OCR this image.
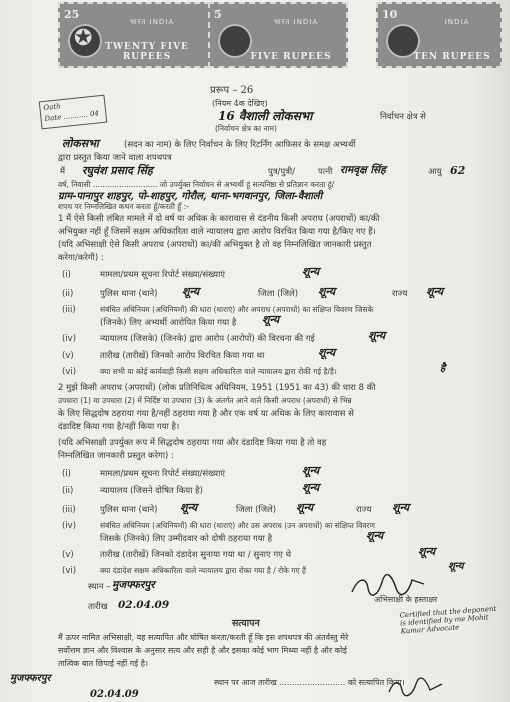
✪
25
भारत INDIA
TWENTY FIVE RUPEES
5
भारत INDIA
FIVE RUPEES
10
INDIA
TEN RUPEES
Oath
Date ........... 04
प्ररूप – 26
(नियम 4क देखिए)
16 वैशाली लोकसभा	निर्वाचन क्षेत्र से
(निर्वाचन क्षेत्र का नाम)
लोकसभा	(सदन का नाम) के लिए निर्वाचन के लिए रिटर्निंग आफिसर के समक्ष अभ्यर्थी
द्वारा प्रस्तुत किया जाने वाला शपथपत्र
मैं रघुवंश प्रसाद सिंह	पुत्र/पुत्री/	पत्नी रामवृक्ष सिंह	आयु 62
वर्ष, निवासी ........................... जो उपर्युक्त निर्वाचन से अभ्यर्थी हूं सत्यनिष्ठा से प्रतिज्ञान करता हूं/
ग्राम-पानापुर शाहपुर, पो-शाहपुर, गोरौल, थाना-भगवानपुर, जिला-वैशाली
शपथ पर निम्नलिखित कथन करता हूँ/करती हूँ :-
1 मैं ऐसे किसी लंबित मामले में दो वर्ष या अधिक के कारावास से दंडनीय किसी अपराध (अपराधों) का/की
अभियुक्त नहीं हूँ जिसमें सक्षम अधिकारिता वाले न्यायालय द्वारा आरोप विरचित किया गया है/किए गए हैं।
(यदि अभिसाक्षी ऐसे किसी अपराध (अपराधों) का/की अभियुक्त है तो वह निम्नलिखित जानकारी प्रस्तुत
करेगा/करेगी) :
(i)	मामला/प्रथम सूचना रिपोर्ट संख्या/संख्याएं	शून्य
(ii)	पुलिस थाना (थाने) शून्य	जिला (जिले) शून्य	राज्य शून्य
(iii)	संबंधित अधिनियम (अधिनियमों) की धारा (धाराएं) और अपराध (अपराधों) का संक्षिप्त विवरण जिसके
(जिनके) लिए अभ्यर्थी आरोपित किया गया है शून्य
(iv)	न्यायालय (जिसके) (जिनके) द्वारा आरोप (आरोपों) की विरचना की गई	शून्य
(v)	तारीख (तारीखें) जिनको आरोप विरचित किया गया था	शून्य
(vi)	क्या सभी या कोई कार्यवाही किसी सक्षम अधिकारिता वाले न्यायालय द्वारा रोकी गई है/है।	है
2 मुझे किसी अपराध (अपराधों) (लोक प्रतिनिधित्व अधिनियम, 1951 (1951 का 43) की धारा 8 की
उपधारा (1) या उपधारा (2) में निर्दिष्ट या उपधारा (3) के अंतर्गत आने वाले किसी अपराध (अपराधों) से भिन्न
के लिए सिद्धदोष ठहराया गया है/नहीं ठहराया गया है और एक वर्ष या अधिक के लिए कारावास से
दंडादिष्ट किया गया है/नहीं किया गया है।
(यदि अभिसाक्षी उपर्युक्त रूप में सिद्धदोष ठहराया गया और दंडादिष्ट किया गया है तो वह
निम्नलिखित जानकारी प्रस्तुत करेगा) :
(i)	मामला/प्रथम सूचना रिपोर्ट संख्या/संख्याएं	शून्य
(ii)	न्यायालय (जिसने दोषित किया है)	शून्य
(iii)	पुलिस थाना (थाने) शून्य	जिला (जिले) शून्य	राज्य शून्य
(iv)	संबंधित अधिनियम (अधिनियमों) की धारा (धाराएं) और उस अपराध (उन अपराधों) का संक्षिप्त विवरण
जिसके (जिनके) लिए उम्मीदवार को दोषी ठहराया गया है	शून्य
(v)	तारीख (तारीखें) जिनको दंडादेश सुनाया गया था / सुनाए गए थे	शून्य
(vi)	क्या दंडादेश सक्षम अधिकारिता वाले न्यायालय द्वारा रोका गया है / रोके गए हैं	शून्य
स्थान – मुजफ्फरपुर
तारीख 02.04.09	अभिसाक्षी के हस्ताक्षर
Certified that the deponent is identified by me Mohit Kumar Advocate
सत्यापन
मैं ऊपर नामित अभिसाक्षी, यह सत्यापित और घोषित करता/करती हूँ कि इस शपथपत्र की अंतर्वस्तु मेरे
सर्वोत्तम ज्ञान और विश्वास के अनुसार सत्य और सही है और इसका कोई भाग मिथ्या नहीं है और कोई
तात्विक बात छिपाई नहीं गई है।
मुजफ्फरपुर	स्थान पर आज तारीख .......................... को सत्यापित किया।
02.04.09
